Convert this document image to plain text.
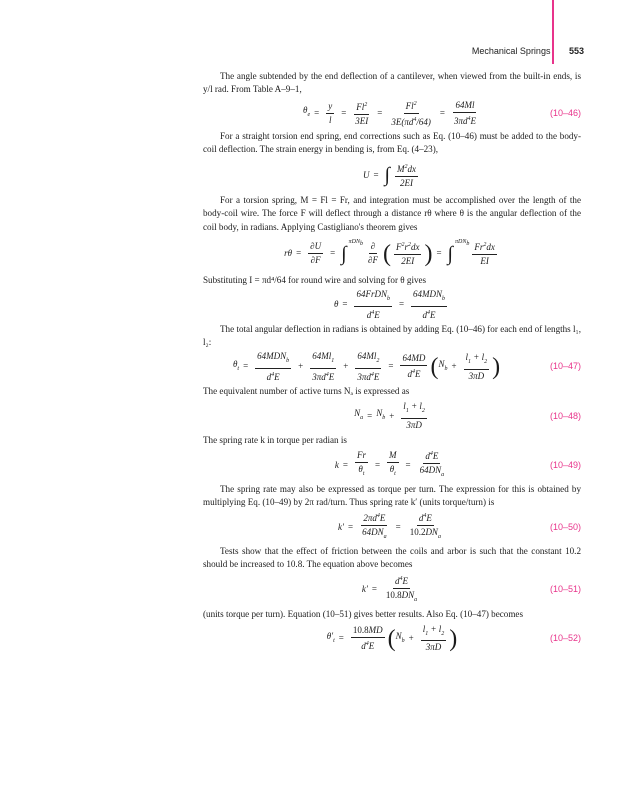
Mechanical Springs 553

The angle subtended by the end deflection of a cantilever, when viewed from the built-in ends, is y/l rad. From Table A–9–1,

$\theta_e = \frac{y}{l} = \frac{Fl^2}{3EI} = \frac{Fl^2}{3E(\pi d^4/64)} = \frac{64Ml}{3\pi d^4E}$	(10–46)

For a straight torsion end spring, end corrections such as Eq. (10–46) must be added to the body-coil deflection. The strain energy in bending is, from Eq. (4–23),

U = ∫ $\frac{M^2dx}{2EI}$

For a torsion spring, M = Fl = Fr, and integration must be accomplished over the length of the body-coil wire. The force F will deflect through a distance rθ where θ is the angular deflection of the coil body, in radians. Applying Castigliano's theorem gives

$r\theta = \frac{\partial U}{\partial F}$ = ∫
$\pi DN_b \frac{\partial}{\partial F}$ ( $\frac{F^2r^2dx}{2EI}$ ) = ∫
$\pi DN_b \frac{Fr^2dx}{EI}$

Substituting I = πd⁴/64 for round wire and solving for θ gives

$\theta = \frac{64FrDN_b}{d^4E} = \frac{64MDN_b}{d^4E}$

The total angular deflection in radians is obtained by adding Eq. (10–46) for each end of lengths l₁, l₂:

$\theta_t = \frac{64MDN_b}{d^4E} + \frac{64Ml_1}{3\pi d^4E} + \frac{64Ml_2}{3\pi d^4E} = \frac{64MD}{d^4E}$ ( $N_b + \frac{l_1 + l_2}{3\pi D}$ )	(10–47)

The equivalent number of active turns Nₐ is expressed as

$N_a = N_b + \frac{l_1 + l_2}{3\pi D}$	(10–48)

The spring rate k in torque per radian is

$k = \frac{Fr}{\theta_t} = \frac{M}{\theta_t} = \frac{d^4E}{64DN_a}$	(10–49)

The spring rate may also be expressed as torque per turn. The expression for this is obtained by multiplying Eq. (10–49) by 2π rad/turn. Thus spring rate k′ (units torque/turn) is

$k' = \frac{2\pi d^4E}{64DN_a} = \frac{d^4E}{10.2DN_a}$	(10–50)

Tests show that the effect of friction between the coils and arbor is such that the constant 10.2 should be increased to 10.8. The equation above becomes

$k' = \frac{d^4E}{10.8DN_a}$	(10–51)

(units torque per turn). Equation (10–51) gives better results. Also Eq. (10–47) becomes

$\theta'_t = \frac{10.8MD}{d^4E}$ ( $N_b + \frac{l_1 + l_2}{3\pi D}$ )	(10–52)
